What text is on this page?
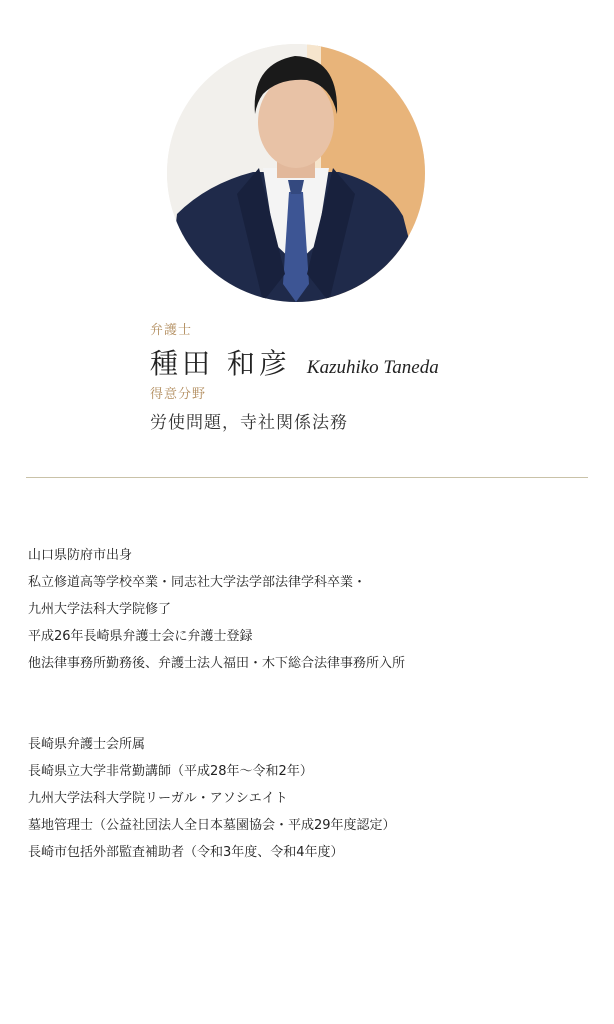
弁護士
種田 和彦 Kazuhiko Taneda
得意分野
労使問題，寺社関係法務
山口県防府市出身
私立修道高等学校卒業・同志社大学法学部法律学科卒業・
九州大学法科大学院修了
平成26年長崎県弁護士会に弁護士登録
他法律事務所勤務後、弁護士法人福田・木下総合法律事務所入所
長崎県弁護士会所属
長崎県立大学非常勤講師（平成28年～令和2年）
九州大学法科大学院リーガル・アソシエイト
墓地管理士（公益社団法人全日本墓園協会・平成29年度認定）
長崎市包括外部監査補助者（令和3年度、令和4年度）
